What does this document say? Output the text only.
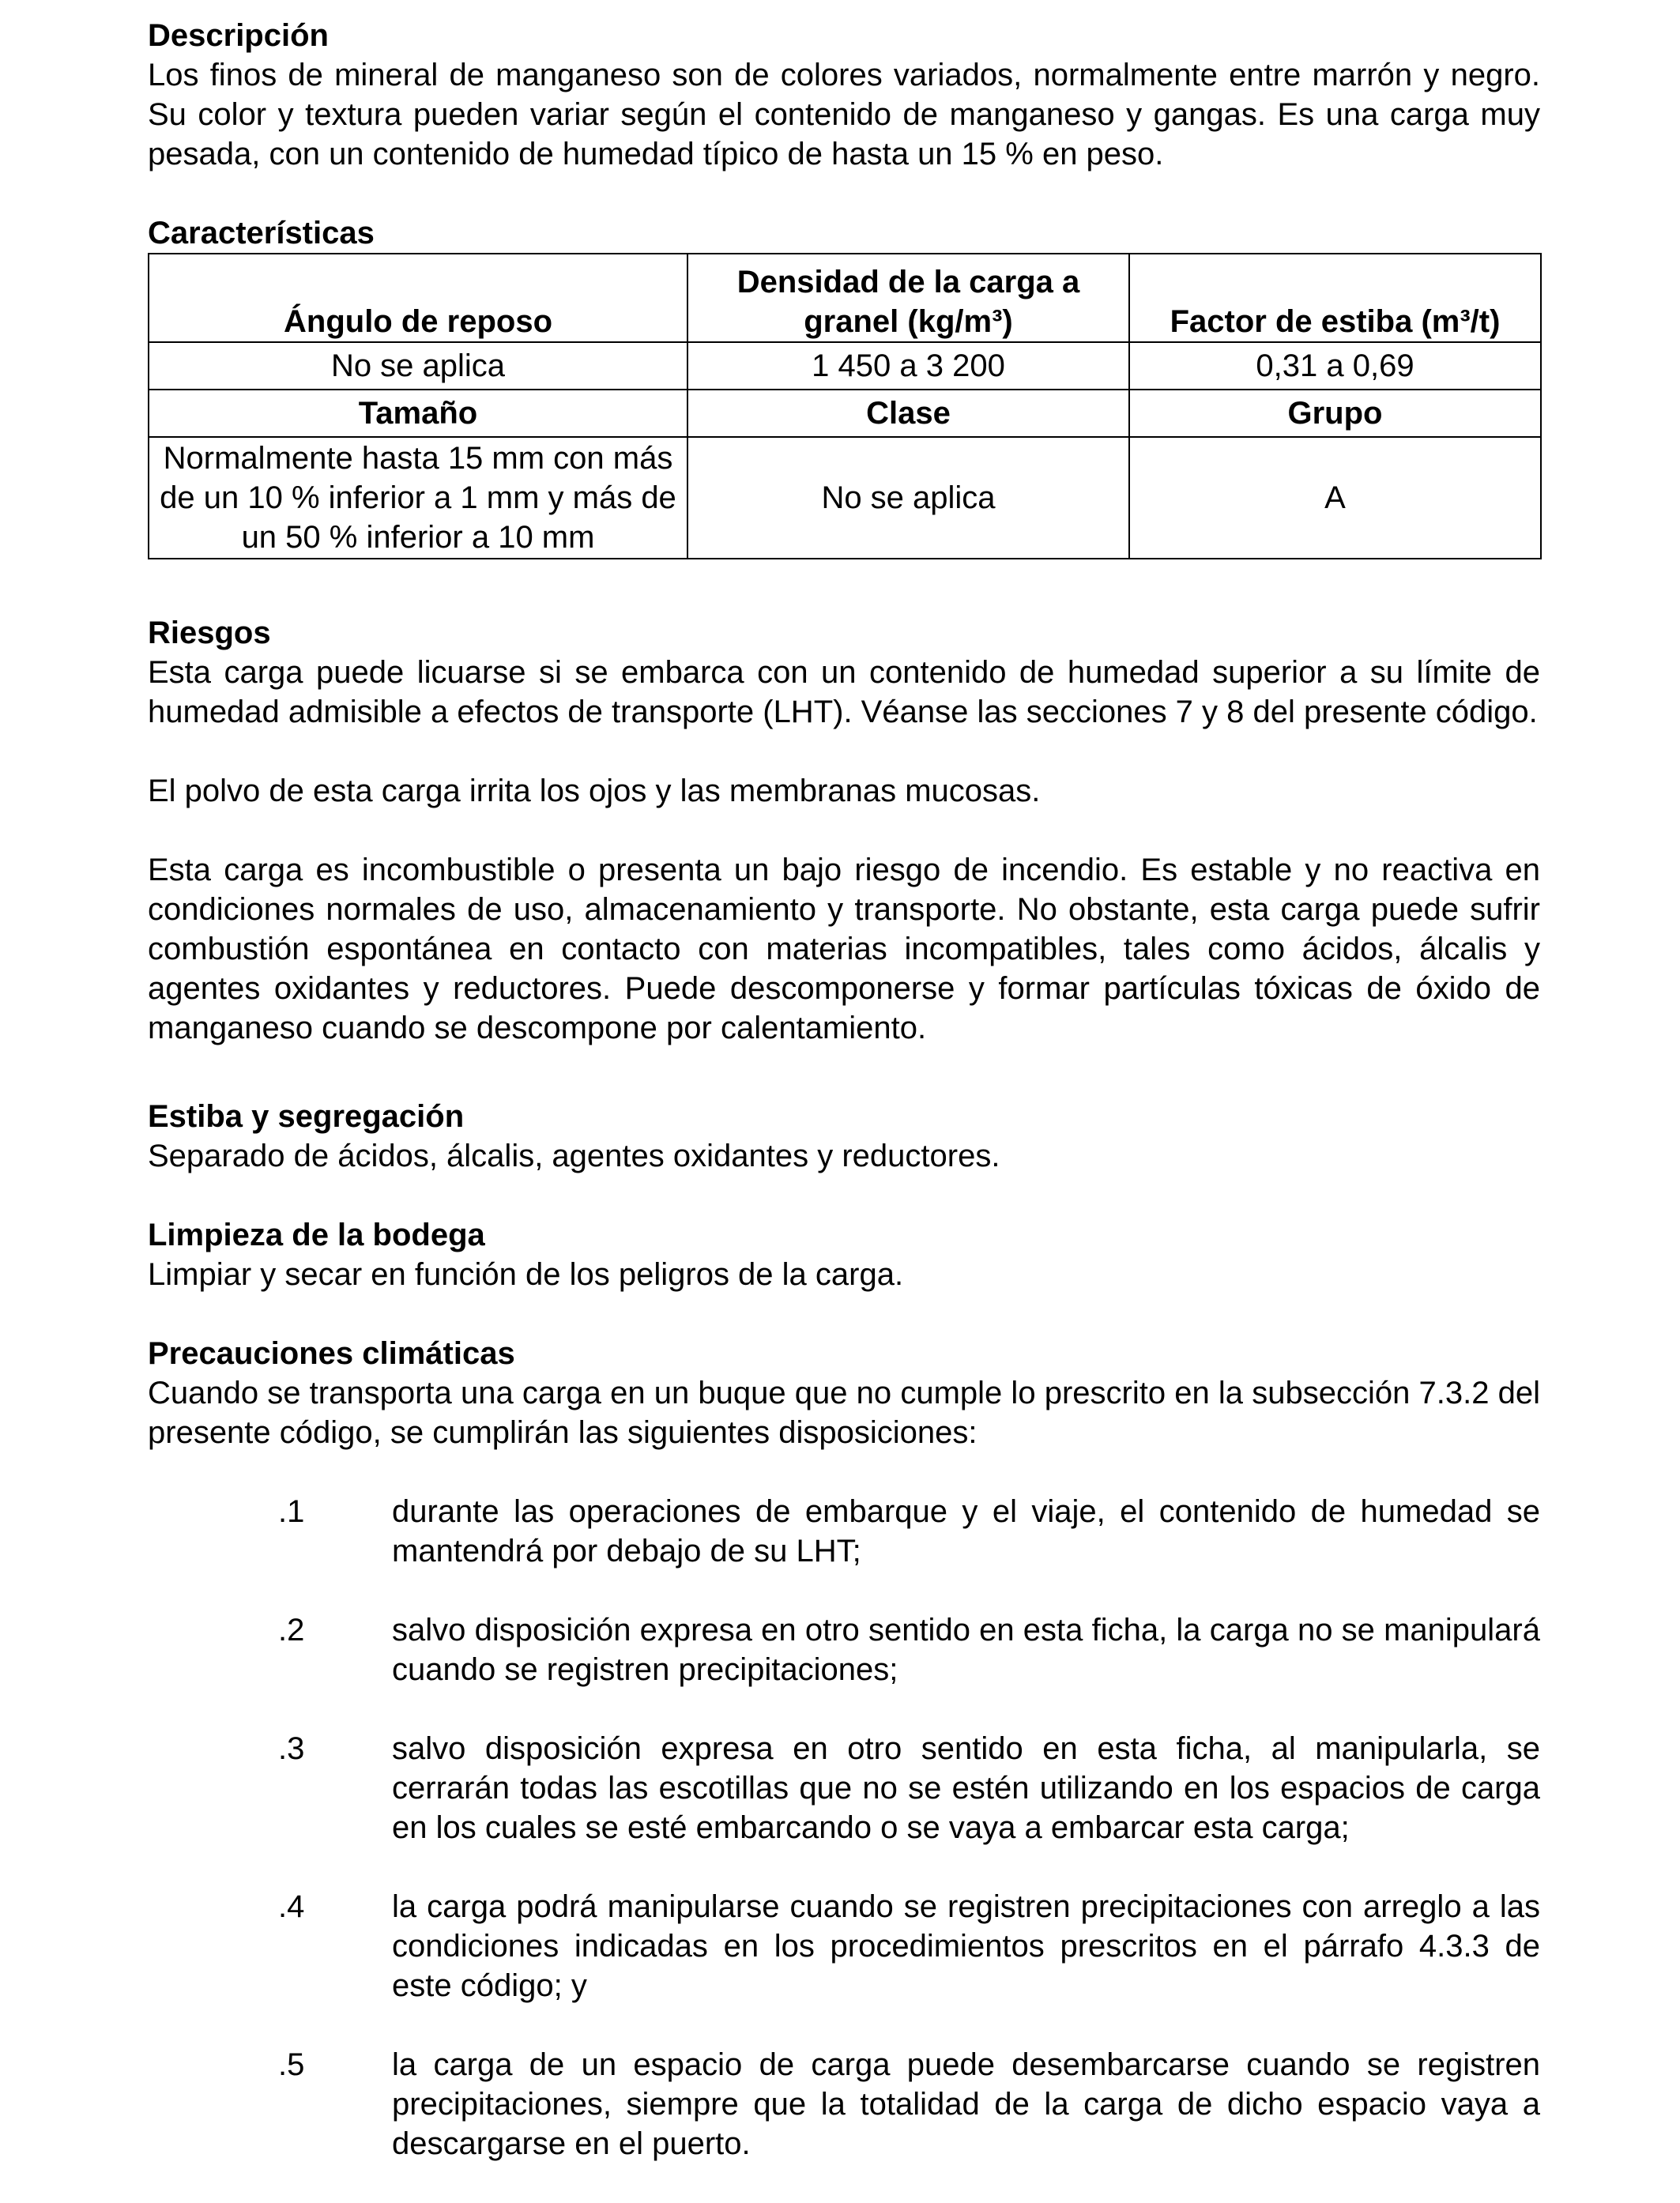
Descripción

Los finos de mineral de manganeso son de colores variados, normalmente entre marrón y negro. Su color y textura pueden variar según el contenido de manganeso y gangas. Es una carga muy pesada, con un contenido de humedad típico de hasta un 15 % en peso.

Características
Ángulo de reposo	Densidad de la carga a granel (kg/m³)	Factor de estiba (m³/t)
No se aplica	1 450 a 3 200	0,31 a 0,69
Tamaño	Clase	Grupo
Normalmente hasta 15 mm con más de un 10 % inferior a 1 mm y más de un 50 % inferior a 10 mm	No se aplica	A
Riesgos

Esta carga puede licuarse si se embarca con un contenido de humedad superior a su límite de humedad admisible a efectos de transporte (LHT). Véanse las secciones 7 y 8 del presente código.

El polvo de esta carga irrita los ojos y las membranas mucosas.

Esta carga es incombustible o presenta un bajo riesgo de incendio. Es estable y no reactiva en condiciones normales de uso, almacenamiento y transporte. No obstante, esta carga puede sufrir combustión espontánea en contacto con materias incompatibles, tales como ácidos, álcalis y agentes oxidantes y reductores. Puede descomponerse y formar partículas tóxicas de óxido de manganeso cuando se descompone por calentamiento.

Estiba y segregación

Separado de ácidos, álcalis, agentes oxidantes y reductores.

Limpieza de la bodega

Limpiar y secar en función de los peligros de la carga.

Precauciones climáticas

Cuando se transporta una carga en un buque que no cumple lo prescrito en la subsección 7.3.2 del presente código, se cumplirán las siguientes disposiciones:

.1	durante las operaciones de embarque y el viaje, el contenido de humedad se mantendrá por debajo de su LHT;
.2	salvo disposición expresa en otro sentido en esta ficha, la carga no se manipulará cuando se registren precipitaciones;
.3	salvo disposición expresa en otro sentido en esta ficha, al manipularla, se cerrarán todas las escotillas que no se estén utilizando en los espacios de carga en los cuales se esté embarcando o se vaya a embarcar esta carga;
.4	la carga podrá manipularse cuando se registren precipitaciones con arreglo a las condiciones indicadas en los procedimientos prescritos en el párrafo 4.3.3 de este código; y
.5	la carga de un espacio de carga puede desembarcarse cuando se registren precipitaciones, siempre que la totalidad de la carga de dicho espacio vaya a descargarse en el puerto.
